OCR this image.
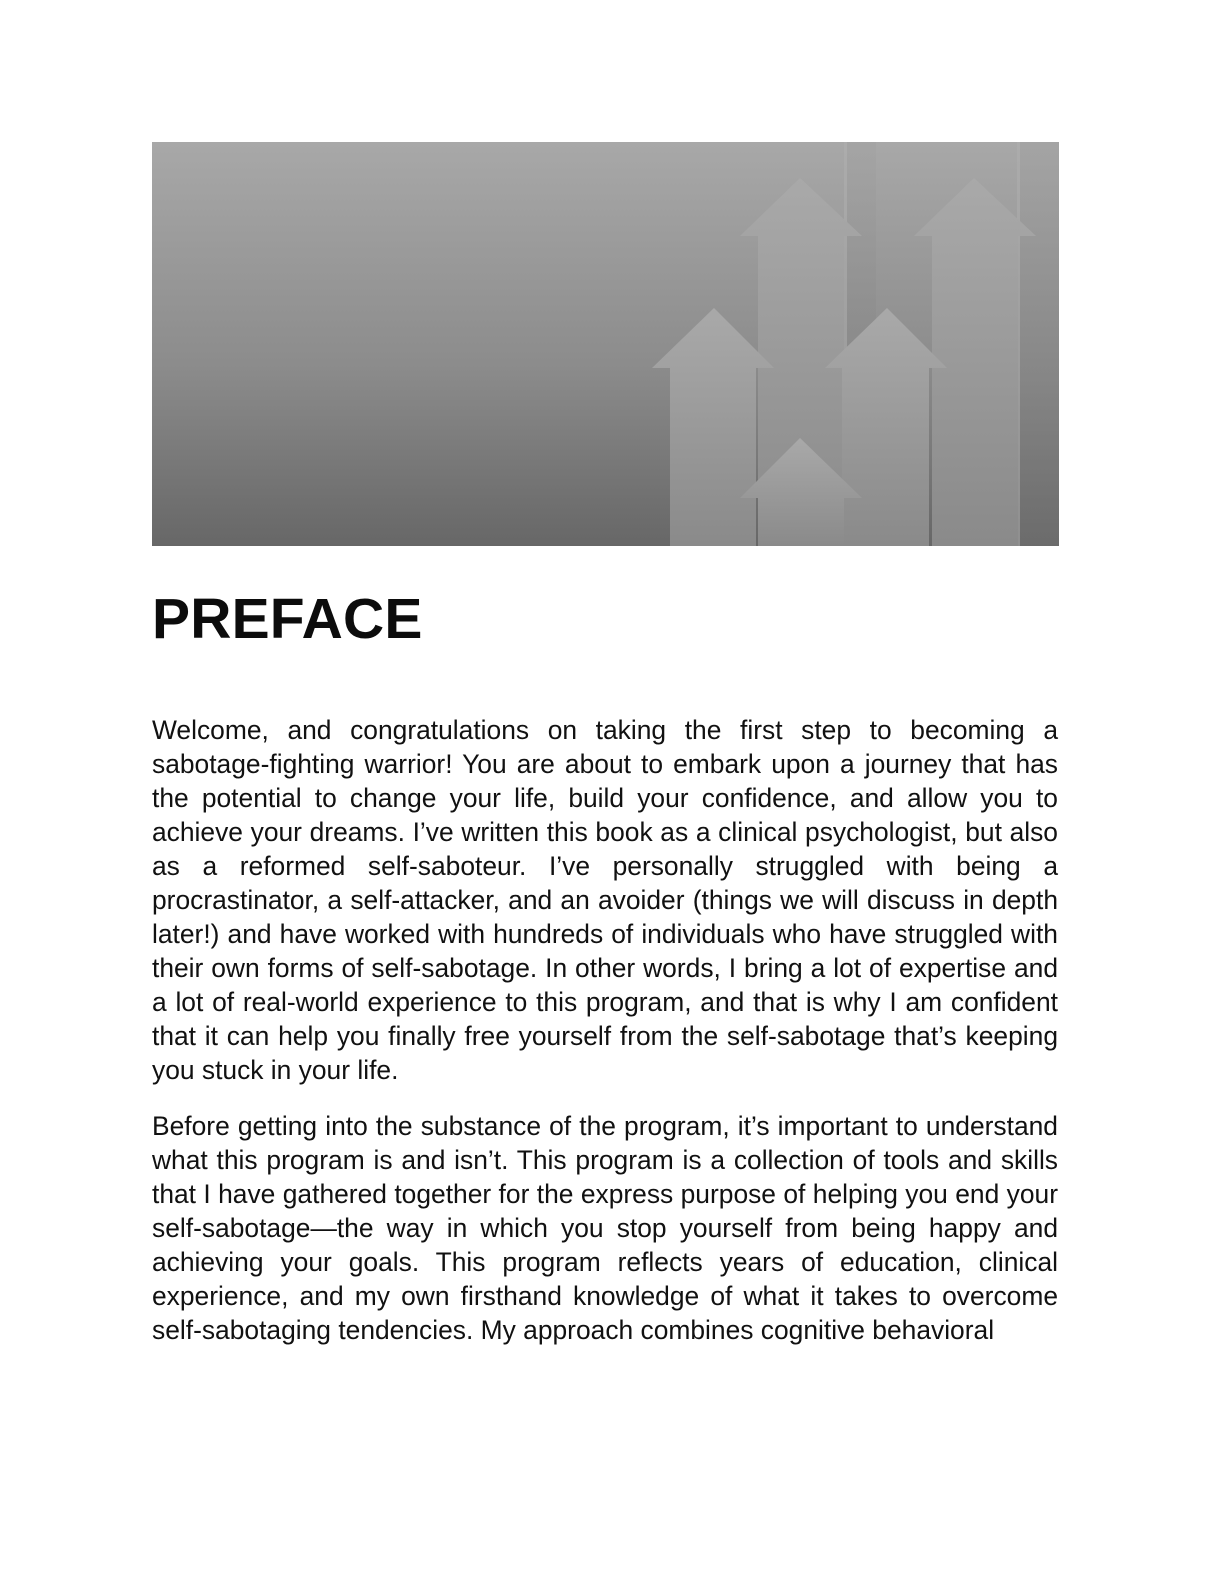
PREFACE

Welcome, and congratulations on taking the first step to becoming a sabotage-fighting warrior! You are about to embark upon a journey that has the potential to change your life, build your confidence, and allow you to achieve your dreams. I’ve written this book as a clinical psychologist, but also as a reformed self-saboteur. I’ve personally struggled with being a procrastinator, a self-attacker, and an avoider (things we will discuss in depth later!) and have worked with hundreds of individuals who have struggled with their own forms of self-sabotage. In other words, I bring a lot of expertise and a lot of real-world experience to this program, and that is why I am confident that it can help you finally free yourself from the self-sabotage that’s keeping you stuck in your life.

Before getting into the substance of the program, it’s important to understand what this program is and isn’t. This program is a collection of tools and skills that I have gathered together for the express purpose of helping you end your self-sabotage—the way in which you stop yourself from being happy and achieving your goals. This program reflects years of education, clinical experience, and my own firsthand knowledge of what it takes to overcome self-sabotaging tendencies. My approach combines cognitive behavioral
